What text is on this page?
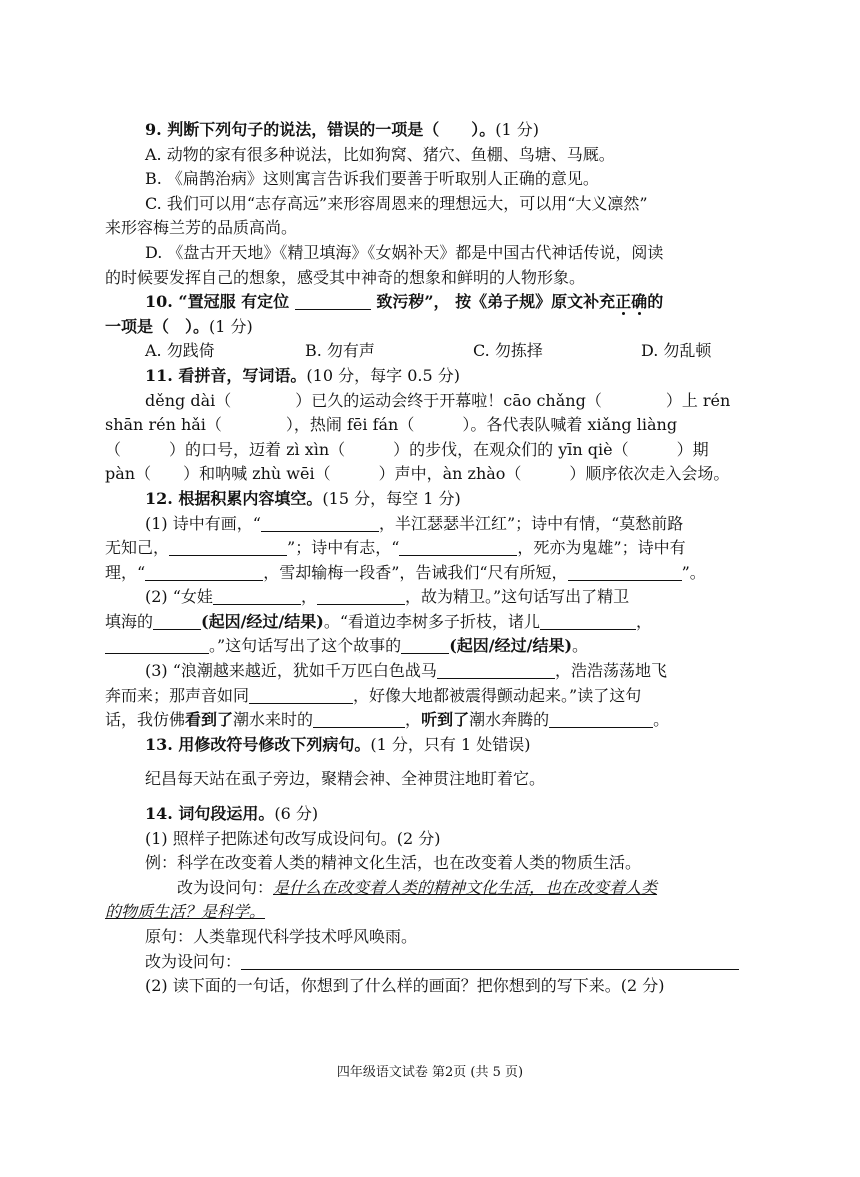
9. 判断下列句子的说法，错误的一项是（　　）。(1 分)
A. 动物的家有很多种说法，比如狗窝、猪穴、鱼棚、鸟塘、马厩。
B. 《扁鹊治病》这则寓言告诉我们要善于听取别人正确的意见。
C. 我们可以用“志存高远”来形容周恩来的理想远大，可以用“大义凛然”
来形容梅兰芳的品质高尚。
D. 《盘古开天地》《精卫填海》《女娲补天》都是中国古代神话传说，阅读
的时候要发挥自己的想象，感受其中神奇的想象和鲜明的人物形象。
10. “置冠服 有定位	致污秽”， 按《弟子规》原文补充正确的
一项是（　）。(1 分)
A. 勿践倚	B. 勿有声	C. 勿拣择	D. 勿乱顿
11. 看拼音，写词语。(10 分，每字 0.5 分)
děng dài（　　　　）已久的运动会终于开幕啦！cāo chǎng（　　　　）上 rén
shān rén hǎi（　　　　），热闹 fēi fán（　　　）。各代表队喊着 xiǎng liàng
（　　　）的口号，迈着 zì xìn（　　　）的步伐，在观众们的 yīn qiè（　　　）期
pàn（　　）和呐喊 zhù wēi（　　　）声中，àn zhào（　　　）顺序依次走入会场。
12. 根据积累内容填空。(15 分，每空 1 分)
(1) 诗中有画，“	，半江瑟瑟半江红”；诗中有情，“莫愁前路
无知己，	”；诗中有志，“	，死亦为鬼雄”；诗中有
理，“	，雪却输梅一段香”，告诫我们“尺有所短，	”。
(2) “女娃	，	，故为精卫。”这句话写出了精卫
填海的	(起因/经过/结果)。“看道边李树多子折枝，诸儿	，
。”这句话写出了这个故事的	(起因/经过/结果)。
(3) “浪潮越来越近，犹如千万匹白色战马	，浩浩荡荡地飞
奔而来；那声音如同	，好像大地都被震得颤动起来。”读了这句
话，我仿佛看到了潮水来时的	，听到了潮水奔腾的	。
13. 用修改符号修改下列病句。(1 分，只有 1 处错误)
纪昌每天站在虱子旁边，聚精会神、全神贯注地盯着它。
14. 词句段运用。(6 分)
(1) 照样子把陈述句改写成设问句。(2 分)
例：科学在改变着人类的精神文化生活，也在改变着人类的物质生活。
改为设问句：是什么在改变着人类的精神文化生活，也在改变着人类
的物质生活？是科学。
原句：人类靠现代科学技术呼风唤雨。
改为设问句：
(2) 读下面的一句话，你想到了什么样的画面？把你想到的写下来。(2 分)
四年级语文试卷 第2页 (共 5 页)
